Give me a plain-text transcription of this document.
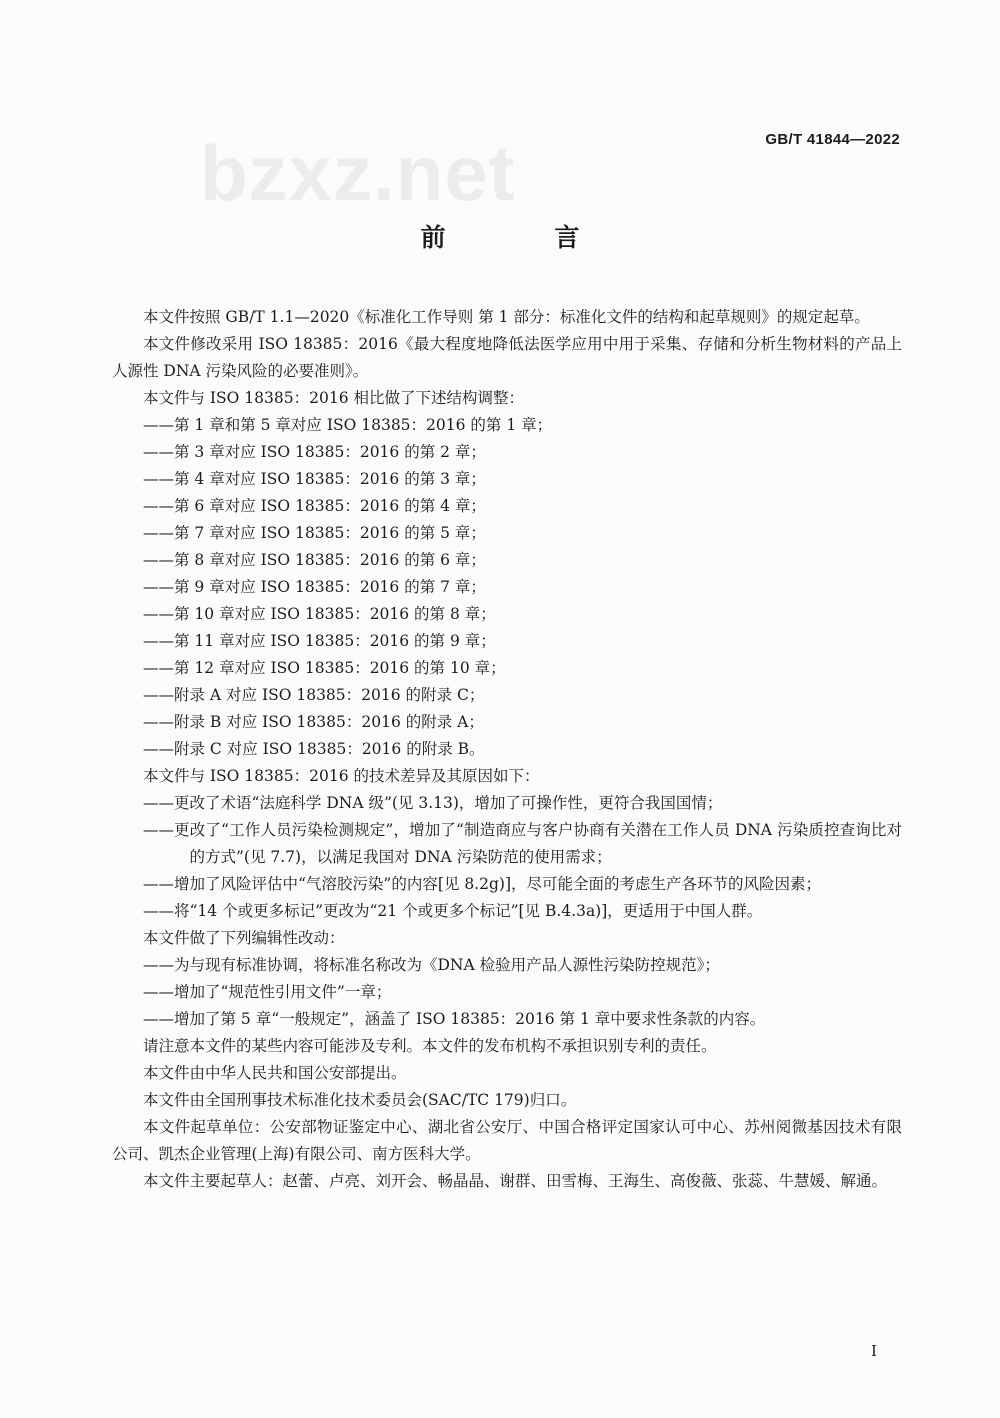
bzxz.net	GB/T 41844—2022
前 言

本文件按照 GB/T 1.1—2020《标准化工作导则 第 1 部分：标准化文件的结构和起草规则》的规定起草。

本文件修改采用 ISO 18385：2016《最大程度地降低法医学应用中用于采集、存储和分析生物材料的产品上人源性 DNA 污染风险的必要准则》。

本文件与 ISO 18385：2016 相比做了下述结构调整：

——第 1 章和第 5 章对应 ISO 18385：2016 的第 1 章；

——第 3 章对应 ISO 18385：2016 的第 2 章；

——第 4 章对应 ISO 18385：2016 的第 3 章；

——第 6 章对应 ISO 18385：2016 的第 4 章；

——第 7 章对应 ISO 18385：2016 的第 5 章；

——第 8 章对应 ISO 18385：2016 的第 6 章；

——第 9 章对应 ISO 18385：2016 的第 7 章；

——第 10 章对应 ISO 18385：2016 的第 8 章；

——第 11 章对应 ISO 18385：2016 的第 9 章；

——第 12 章对应 ISO 18385：2016 的第 10 章；

——附录 A 对应 ISO 18385：2016 的附录 C；

——附录 B 对应 ISO 18385：2016 的附录 A；

——附录 C 对应 ISO 18385：2016 的附录 B。

本文件与 ISO 18385：2016 的技术差异及其原因如下：

——更改了术语“法庭科学 DNA 级”(见 3.13)，增加了可操作性，更符合我国国情；

——更改了“工作人员污染检测规定”，增加了“制造商应与客户协商有关潜在工作人员 DNA 污染质控查询比对的方式”(见 7.7)，以满足我国对 DNA 污染防范的使用需求；

——增加了风险评估中“气溶胶污染”的内容[见 8.2g)]，尽可能全面的考虑生产各环节的风险因素；

——将“14 个或更多标记”更改为“21 个或更多个标记”[见 B.4.3a)]，更适用于中国人群。

本文件做了下列编辑性改动：

——为与现有标准协调，将标准名称改为《DNA 检验用产品人源性污染防控规范》；

——增加了“规范性引用文件”一章；

——增加了第 5 章“一般规定”，涵盖了 ISO 18385：2016 第 1 章中要求性条款的内容。

请注意本文件的某些内容可能涉及专利。本文件的发布机构不承担识别专利的责任。

本文件由中华人民共和国公安部提出。

本文件由全国刑事技术标准化技术委员会(SAC/TC 179)归口。

本文件起草单位：公安部物证鉴定中心、湖北省公安厅、中国合格评定国家认可中心、苏州阅微基因技术有限公司、凯杰企业管理(上海)有限公司、南方医科大学。

本文件主要起草人：赵蕾、卢亮、刘开会、畅晶晶、谢群、田雪梅、王海生、高俊薇、张蕊、牛慧媛、解通。

I
